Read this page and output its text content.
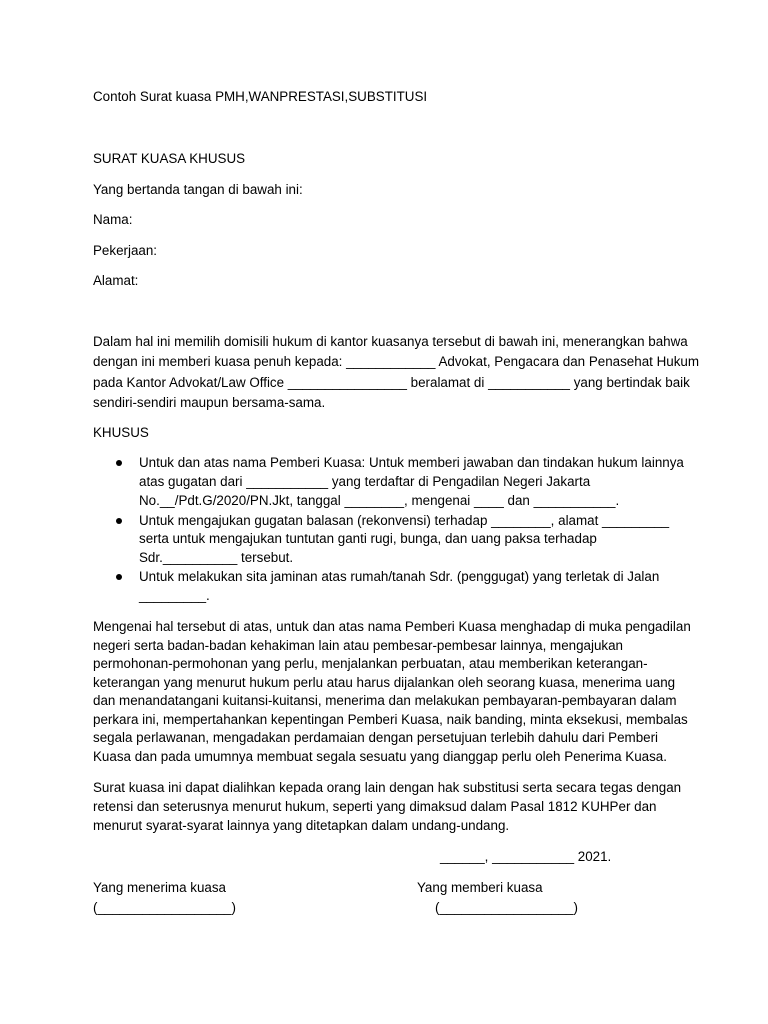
Contoh Surat kuasa PMH,WANPRESTASI,SUBSTITUSI

SURAT KUASA KHUSUS

Yang bertanda tangan di bawah ini:

Nama:

Pekerjaan:

Alamat:

Dalam hal ini memilih domisili hukum di kantor kuasanya tersebut di bawah ini, menerangkan bahwa

dengan ini memberi kuasa penuh kepada: ____________ Advokat, Pengacara dan Penasehat Hukum

pada Kantor Advokat/Law Office ________________ beralamat di ___________ yang bertindak baik

sendiri-sendiri maupun bersama-sama.

KHUSUS

Untuk dan atas nama Pemberi Kuasa: Untuk memberi jawaban dan tindakan hukum lainnya

atas gugatan dari ___________ yang terdaftar di Pengadilan Negeri Jakarta

No.__/Pdt.G/2020/PN.Jkt, tanggal ________, mengenai ____ dan ___________.

Untuk mengajukan gugatan balasan (rekonvensi) terhadap ________, alamat _________

serta untuk mengajukan tuntutan ganti rugi, bunga, dan uang paksa terhadap

Sdr.__________ tersebut.

Untuk melakukan sita jaminan atas rumah/tanah Sdr. (penggugat) yang terletak di Jalan

_________.

Mengenai hal tersebut di atas, untuk dan atas nama Pemberi Kuasa menghadap di muka pengadilan

negeri serta badan-badan kehakiman lain atau pembesar-pembesar lainnya, mengajukan

permohonan-permohonan yang perlu, menjalankan perbuatan, atau memberikan keterangan-

keterangan yang menurut hukum perlu atau harus dijalankan oleh seorang kuasa, menerima uang

dan menandatangani kuitansi-kuitansi, menerima dan melakukan pembayaran-pembayaran dalam

perkara ini, mempertahankan kepentingan Pemberi Kuasa, naik banding, minta eksekusi, membalas

segala perlawanan, mengadakan perdamaian dengan persetujuan terlebih dahulu dari Pemberi

Kuasa dan pada umumnya membuat segala sesuatu yang dianggap perlu oleh Penerima Kuasa.

Surat kuasa ini dapat dialihkan kepada orang lain dengan hak substitusi serta secara tegas dengan

retensi dan seterusnya menurut hukum, seperti yang dimaksud dalam Pasal 1812 KUHPer dan

menurut syarat-syarat lainnya yang ditetapkan dalam undang-undang.

______, ___________ 2021.

Yang menerima kuasa

(__________________)

Yang memberi kuasa

(__________________)
